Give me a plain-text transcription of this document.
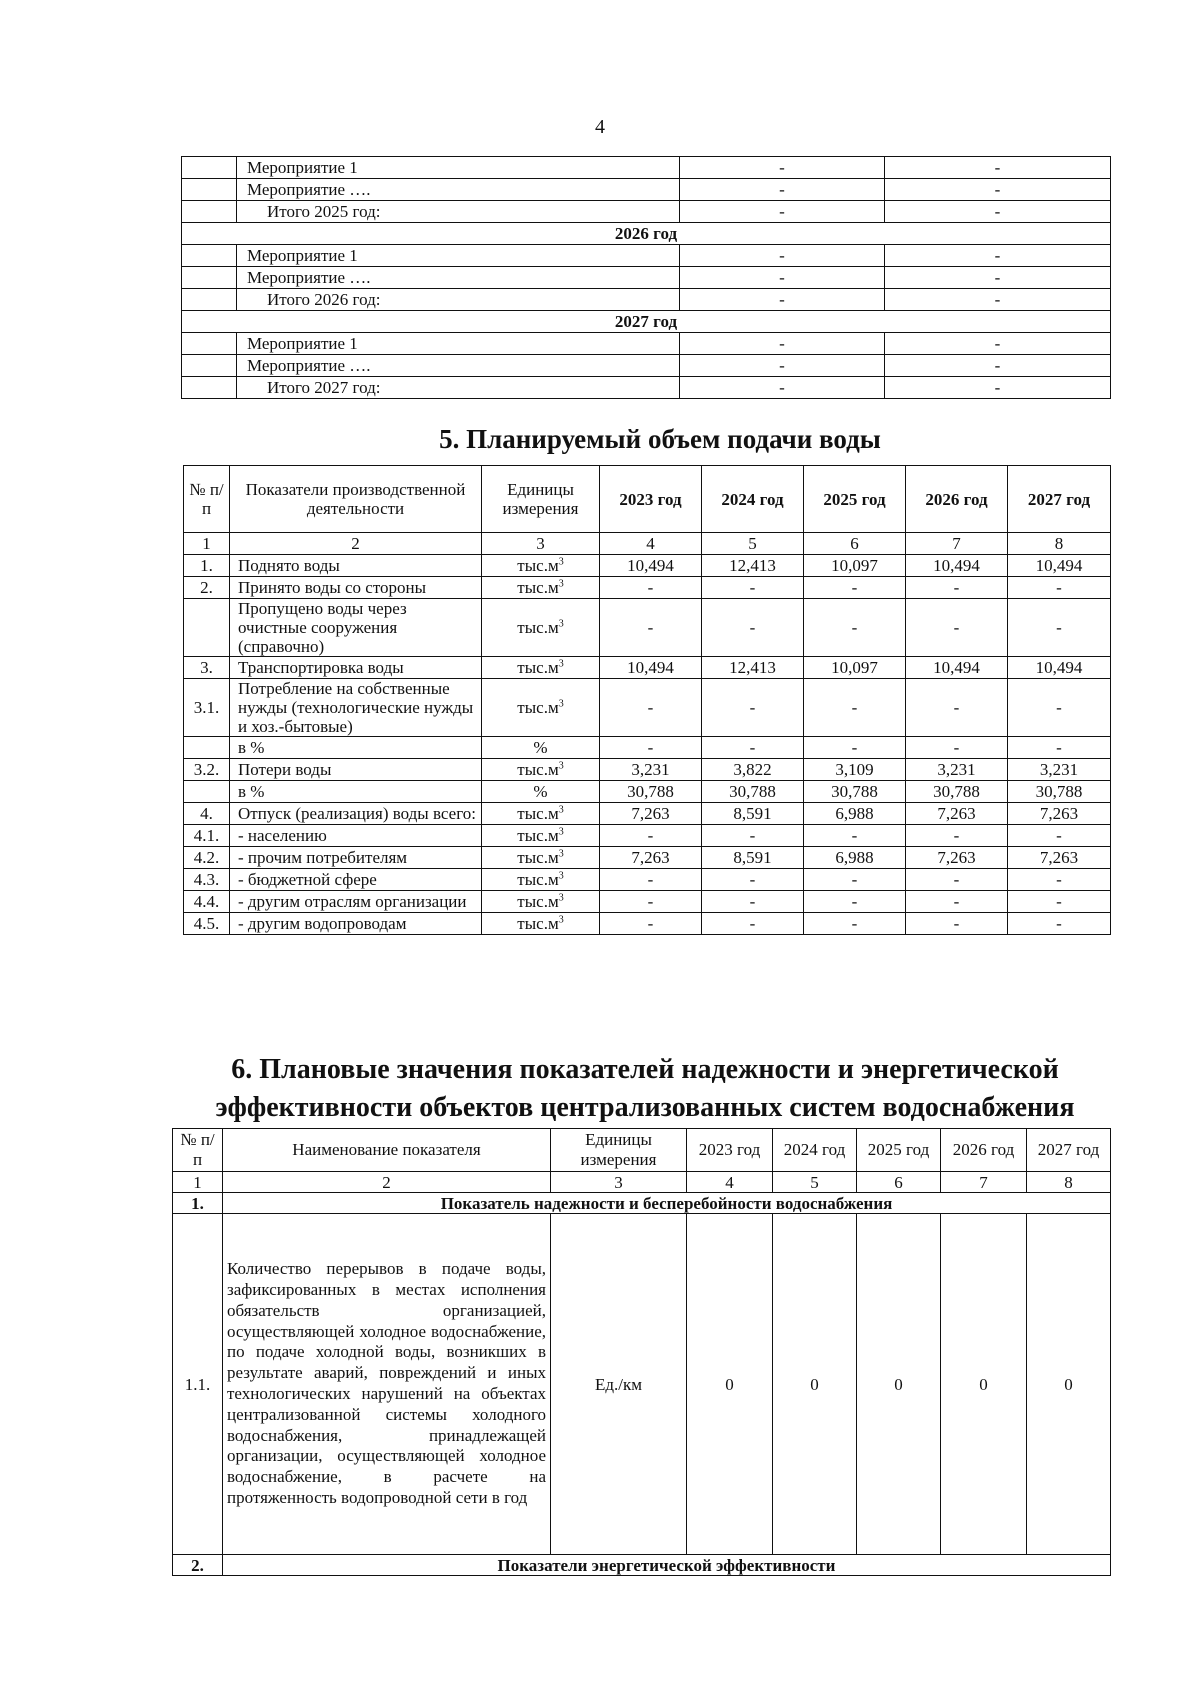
4
	Мероприятие 1	-	-
	Мероприятие ….	-	-
	Итого 2025 год:	-	-
2026 год			
	Мероприятие 1	-	-
	Мероприятие ….	-	-
	Итого 2026 год:	-	-
2027 год			
	Мероприятие 1	-	-
	Мероприятие ….	-	-
	Итого 2027 год:	-	-
5. Планируемый объем подачи воды
№ п/п	Показатели производственной деятельности	Единицы измерения	2023 год	2024 год	2025 год	2026 год	2027 год
1	2	3	4	5	6	7	8
1.	Поднято воды	$тыс.м^3$	10,494	12,413	10,097	10,494	10,494
2.	Принято воды со стороны	$тыс.м^3$	-	-	-	-	-
	Пропущено воды через очистные сооружения (справочно)	$тыс.м^3$	-	-	-	-	-
3.	Транспортировка воды	$тыс.м^3$	10,494	12,413	10,097	10,494	10,494
3.1.	Потребление на собственные нужды (технологические нужды и хоз.-бытовые)	$тыс.м^3$	-	-	-	-	-
	в %	%	-	-	-	-	-
3.2.	Потери воды	$тыс.м^3$	3,231	3,822	3,109	3,231	3,231
	в %	%	30,788	30,788	30,788	30,788	30,788
4.	Отпуск (реализация) воды всего:	$тыс.м^3$	7,263	8,591	6,988	7,263	7,263
4.1.	- населению	$тыс.м^3$	-	-	-	-	-
4.2.	- прочим потребителям	$тыс.м^3$	7,263	8,591	6,988	7,263	7,263
4.3.	- бюджетной сфере	$тыс.м^3$	-	-	-	-	-
4.4.	- другим отраслям организации	$тыс.м^3$	-	-	-	-	-
4.5.	- другим водопроводам	$тыс.м^3$	-	-	-	-	-
6. Плановые значения показателей надежности и энергетической
эффективности объектов централизованных систем водоснабжения
№ п/п	Наименование показателя	Единицы измерения	2023 год	2024 год	2025 год	2026 год	2027 год
1	2	3	4	5	6	7	8
1.	Показатель надежности и бесперебойности водоснабжения						
1.1.	Количество перерывов в подаче воды, зафиксированных в местах исполнения обязательств организацией, осуществляющей холодное водоснабжение, по подаче холодной воды, возникших в результате аварий, повреждений и иных технологических нарушений на объектах централизованной системы холодного водоснабжения, принадлежащей организации, осуществляющей холодное водоснабжение, в расчете на протяженность водопроводной сети в год	Ед./км	0	0	0	0	0
2.	Показатели энергетической эффективности						
